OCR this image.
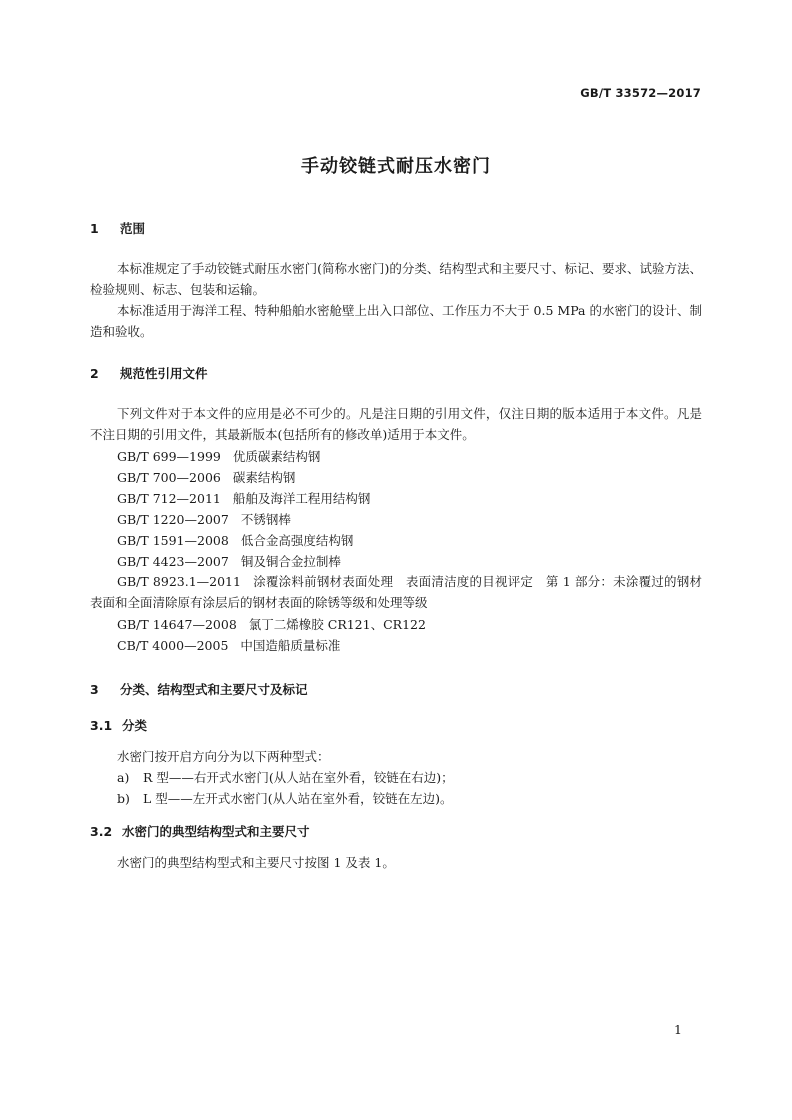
GB/T 33572—2017
手动铰链式耐压水密门
1 范围

本标准规定了手动铰链式耐压水密门(简称水密门)的分类、结构型式和主要尺寸、标记、要求、试验方法、检验规则、标志、包装和运输。

本标准适用于海洋工程、特种船舶水密舱壁上出入口部位、工作压力不大于 0.5 MPa 的水密门的设计、制造和验收。

2 规范性引用文件

下列文件对于本文件的应用是必不可少的。凡是注日期的引用文件，仅注日期的版本适用于本文件。凡是不注日期的引用文件，其最新版本(包括所有的修改单)适用于本文件。

GB/T 699—1999 优质碳素结构钢
GB/T 700—2006 碳素结构钢
GB/T 712—2011 船舶及海洋工程用结构钢
GB/T 1220—2007 不锈钢棒
GB/T 1591—2008 低合金高强度结构钢
GB/T 4423—2007 铜及铜合金拉制棒

GB/T 8923.1—2011 涂覆涂料前钢材表面处理　表面清洁度的目视评定　第 1 部分：未涂覆过的钢材表面和全面清除原有涂层后的钢材表面的除锈等级和处理等级

GB/T 14647—2008 氯丁二烯橡胶 CR121、CR122
CB/T 4000—2005 中国造船质量标准
3 分类、结构型式和主要尺寸及标记
3.1 分类
水密门按开启方向分为以下两种型式：
a) R 型——右开式水密门(从人站在室外看，铰链在右边)；
b) L 型——左开式水密门(从人站在室外看，铰链在左边)。
3.2 水密门的典型结构型式和主要尺寸
水密门的典型结构型式和主要尺寸按图 1 及表 1。
1
